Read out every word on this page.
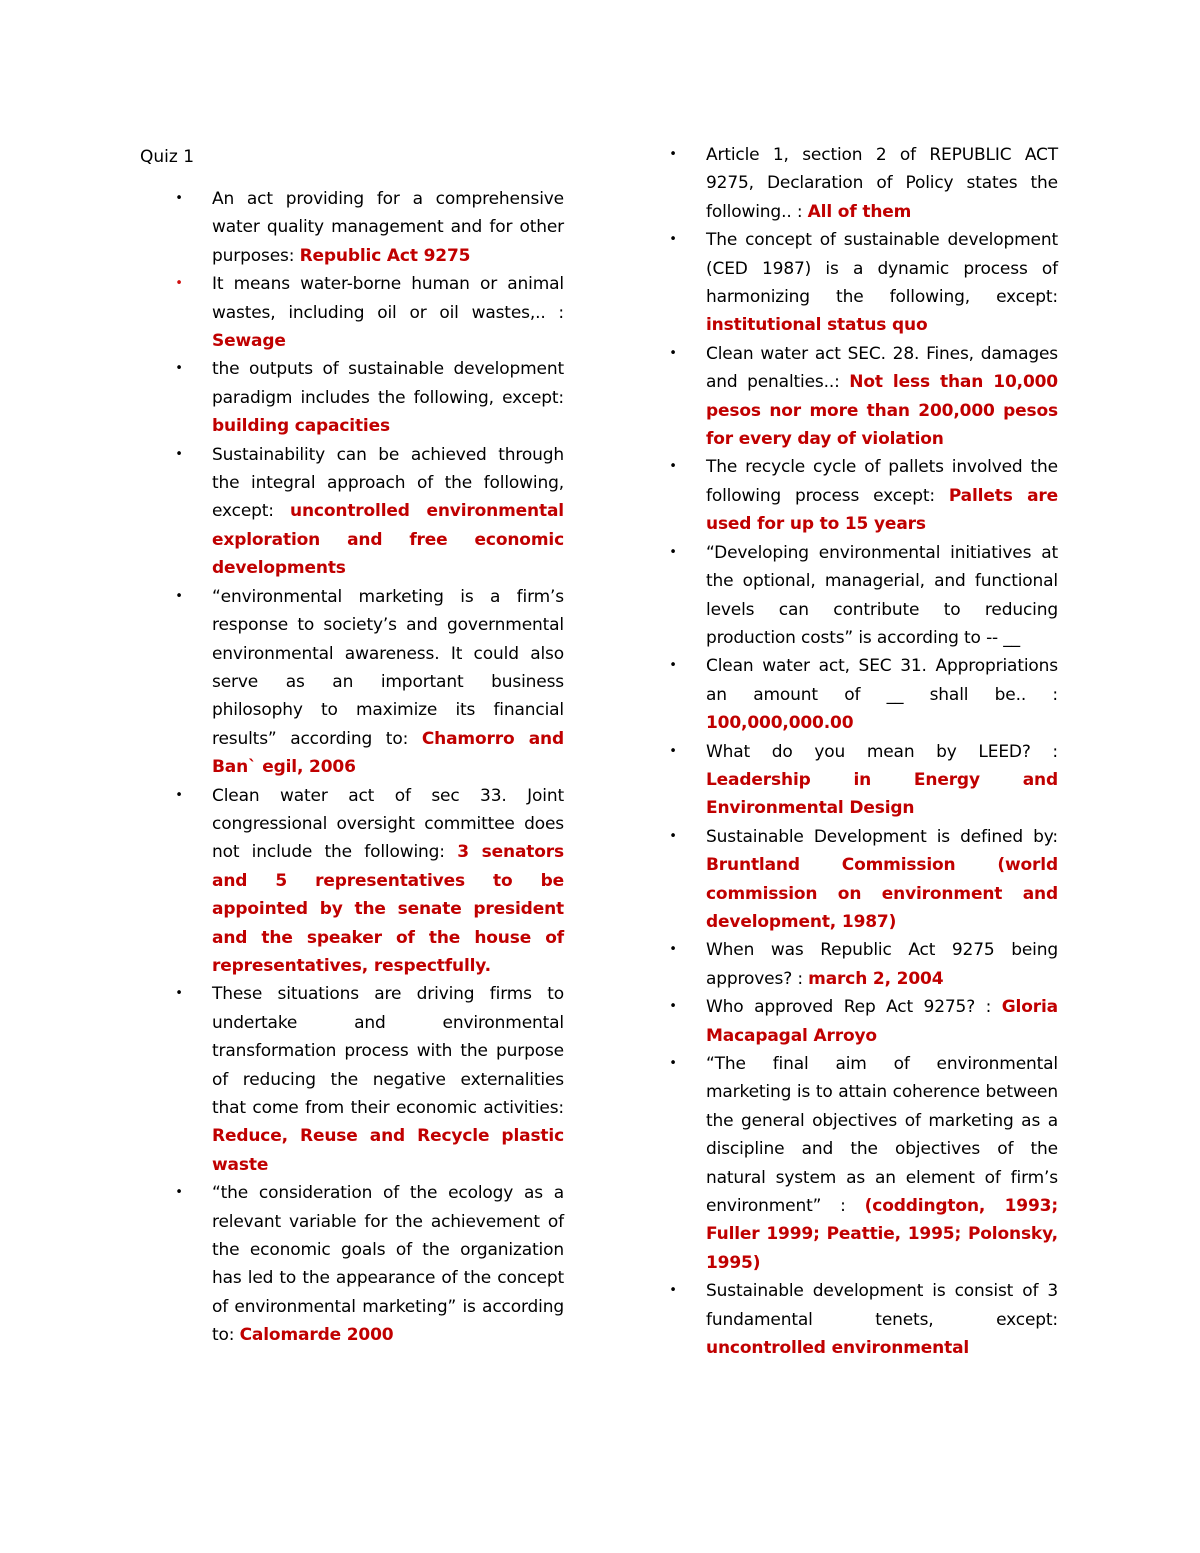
Quiz 1
• An act providing for a comprehensive water quality management and for other purposes: Republic Act 9275
• It means water-borne human or animal wastes, including oil or oil wastes,.. : Sewage
• the outputs of sustainable development paradigm includes the following, except: building capacities
• Sustainability can be achieved through the integral approach of the following, except: uncontrolled environmental exploration and free economic developments
• “environmental marketing is a firm’s response to society’s and governmental environmental awareness. It could also serve as an important business philosophy to maximize its financial results” according to: Chamorro and Ban` egil, 2006
• Clean water act of sec 33. Joint congressional oversight committee does not include the following: 3 senators and 5 representatives to be appointed by the senate president and the speaker of the house of representatives, respectfully.
• These situations are driving firms to undertake and environmental transformation process with the purpose of reducing the negative externalities that come from their economic activities: Reduce, Reuse and Recycle plastic waste
• “the consideration of the ecology as a relevant variable for the achievement of the economic goals of the organization has led to the appearance of the concept of environmental marketing” is according to: Calomarde 2000
• Article 1, section 2 of REPUBLIC ACT 9275, Declaration of Policy states the following.. : All of them
• The concept of sustainable development (CED 1987) is a dynamic process of harmonizing the following, except: institutional status quo
• Clean water act SEC. 28. Fines, damages and penalties..: Not less than 10,000 pesos nor more than 200,000 pesos for every day of violation
• The recycle cycle of pallets involved the following process except: Pallets are used for up to 15 years
• “Developing environmental initiatives at the optional, managerial, and functional levels can contribute to reducing production costs” is according to -- __
• Clean water act, SEC 31. Appropriations an amount of __ shall be.. : 100,000,000.00
• What do you mean by LEED? : Leadership in Energy and Environmental Design
• Sustainable Development is defined by: Bruntland Commission (world commission on environment and development, 1987)
• When was Republic Act 9275 being approves? : march 2, 2004
• Who approved Rep Act 9275? : Gloria Macapagal Arroyo
• “The final aim of environmental marketing is to attain coherence between the general objectives of marketing as a discipline and the objectives of the natural system as an element of firm’s environment” : (coddington, 1993; Fuller 1999; Peattie, 1995; Polonsky, 1995)
• Sustainable development is consist of 3 fundamental tenets, except: uncontrolled environmental
